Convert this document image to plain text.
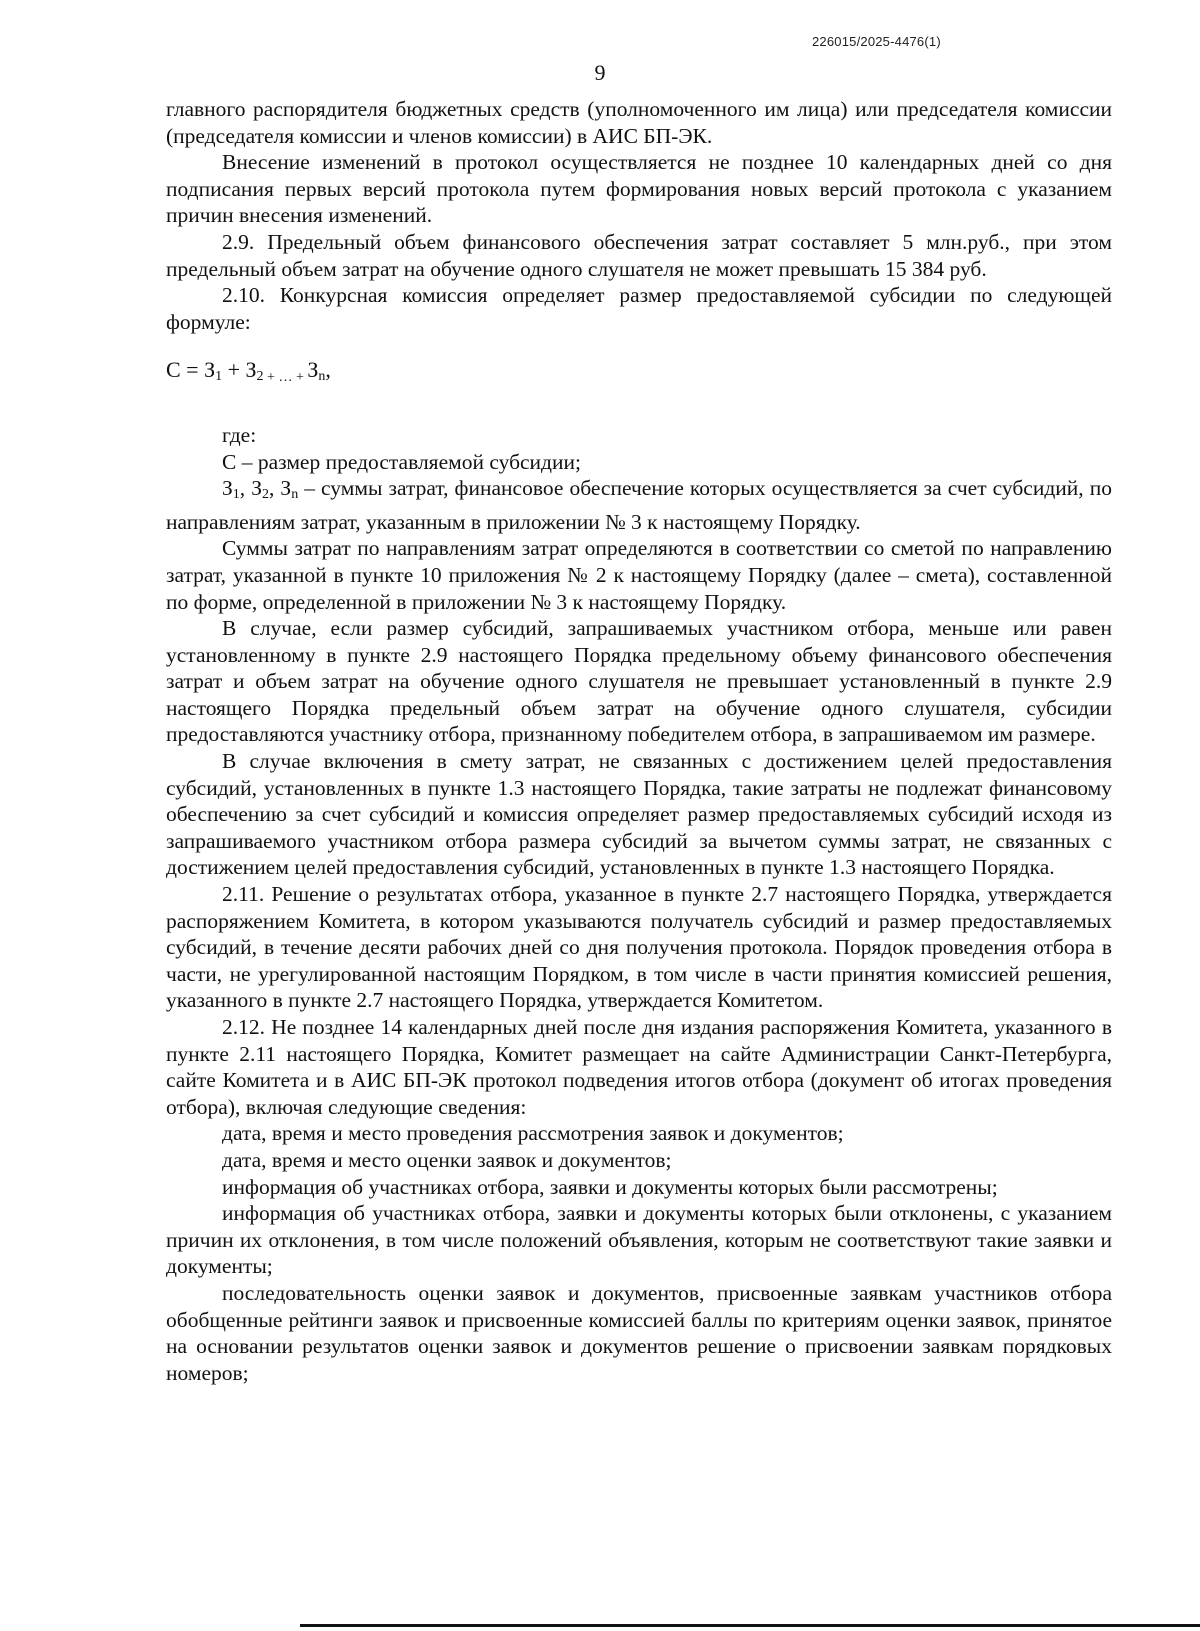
226015/2025-4476(1)
9

главного распорядителя бюджетных средств (уполномоченного им лица) или председателя комиссии (председателя комиссии и членов комиссии) в АИС БП-ЭК.

Внесение изменений в протокол осуществляется не позднее 10 календарных дней со дня подписания первых версий протокола путем формирования новых версий протокола с указанием причин внесения изменений.

2.9. Предельный объем финансового обеспечения затрат составляет 5 млн.руб., при этом предельный объем затрат на обучение одного слушателя не может превышать 15 384 руб.

2.10. Конкурсная комиссия определяет размер предоставляемой субсидии по следующей формуле:

$С = З_1 + З_2$ + … + $З_n$,

где:

С – размер предоставляемой субсидии;

$З_1$, $З_2$, $З_n$ – суммы затрат, финансовое обеспечение которых осуществляется за счет субсидий, по направлениям затрат, указанным в приложении № 3 к настоящему Порядку.

Суммы затрат по направлениям затрат определяются в соответствии со сметой по направлению затрат, указанной в пункте 10 приложения № 2 к настоящему Порядку (далее – смета), составленной по форме, определенной в приложении № 3 к настоящему Порядку.

В случае, если размер субсидий, запрашиваемых участником отбора, меньше или равен установленному в пункте 2.9 настоящего Порядка предельному объему финансового обеспечения затрат и объем затрат на обучение одного слушателя не превышает установленный в пункте 2.9 настоящего Порядка предельный объем затрат на обучение одного слушателя, субсидии предоставляются участнику отбора, признанному победителем отбора, в запрашиваемом им размере.

В случае включения в смету затрат, не связанных с достижением целей предоставления субсидий, установленных в пункте 1.3 настоящего Порядка, такие затраты не подлежат финансовому обеспечению за счет субсидий и комиссия определяет размер предоставляемых субсидий исходя из запрашиваемого участником отбора размера субсидий за вычетом суммы затрат, не связанных с достижением целей предоставления субсидий, установленных в пункте 1.3 настоящего Порядка.

2.11. Решение о результатах отбора, указанное в пункте 2.7 настоящего Порядка, утверждается распоряжением Комитета, в котором указываются получатель субсидий и размер предоставляемых субсидий, в течение десяти рабочих дней со дня получения протокола. Порядок проведения отбора в части, не урегулированной настоящим Порядком, в том числе в части принятия комиссией решения, указанного в пункте 2.7 настоящего Порядка, утверждается Комитетом.

2.12. Не позднее 14 календарных дней после дня издания распоряжения Комитета, указанного в пункте 2.11 настоящего Порядка, Комитет размещает на сайте Администрации Санкт-Петербурга, сайте Комитета и в АИС БП-ЭК протокол подведения итогов отбора (документ об итогах проведения отбора), включая следующие сведения:

дата, время и место проведения рассмотрения заявок и документов;

дата, время и место оценки заявок и документов;

информация об участниках отбора, заявки и документы которых были рассмотрены;

информация об участниках отбора, заявки и документы которых были отклонены, с указанием причин их отклонения, в том числе положений объявления, которым не соответствуют такие заявки и документы;

последовательность оценки заявок и документов, присвоенные заявкам участников отбора обобщенные рейтинги заявок и присвоенные комиссией баллы по критериям оценки заявок, принятое на основании результатов оценки заявок и документов решение о присвоении заявкам порядковых номеров;
